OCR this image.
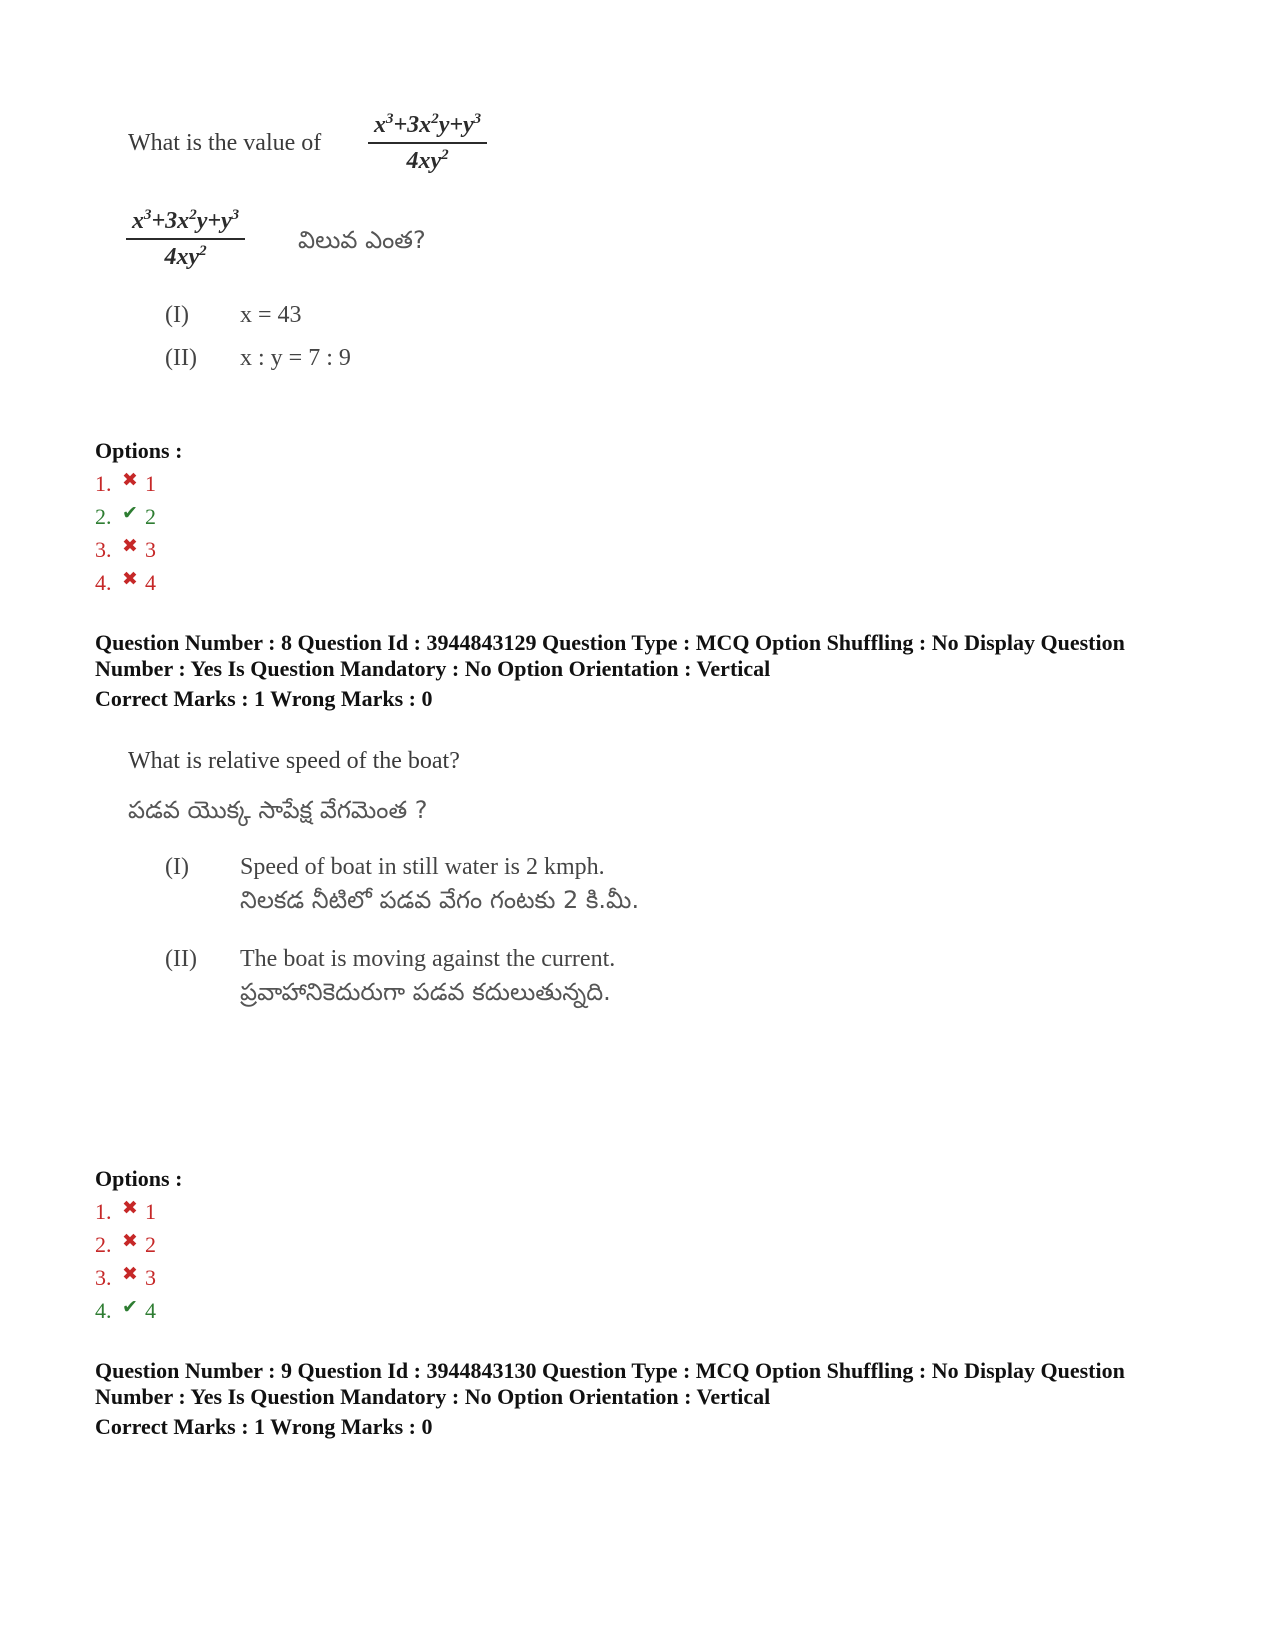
What is the value of $\frac{x^3+3x^2y+y^3}{4xy^2}$
$\frac{x^3+3x^2y+y^3}{4xy^2}$ విలువ ఎంత?
(I) x = 43
(II) x : y = 7 : 9
Options :
1. ✖ 1
2. ✔ 2
3. ✖ 3
4. ✖ 4
Question Number : 8 Question Id : 3944843129 Question Type : MCQ Option Shuffling : No Display Question
Number : Yes Is Question Mandatory : No Option Orientation : Vertical
Correct Marks : 1 Wrong Marks : 0
What is relative speed of the boat?
పడవ యొక్క సాపేక్ష వేగమెంత ?
(I) Speed of boat in still water is 2 kmph.
నిలకడ నీటిలో పడవ వేగం గంటకు 2 కి.మీ.
(II) The boat is moving against the current.
ప్రవాహానికెదురుగా పడవ కదులుతున్నది.
Options :
1. ✖ 1
2. ✖ 2
3. ✖ 3
4. ✔ 4
Question Number : 9 Question Id : 3944843130 Question Type : MCQ Option Shuffling : No Display Question
Number : Yes Is Question Mandatory : No Option Orientation : Vertical
Correct Marks : 1 Wrong Marks : 0
